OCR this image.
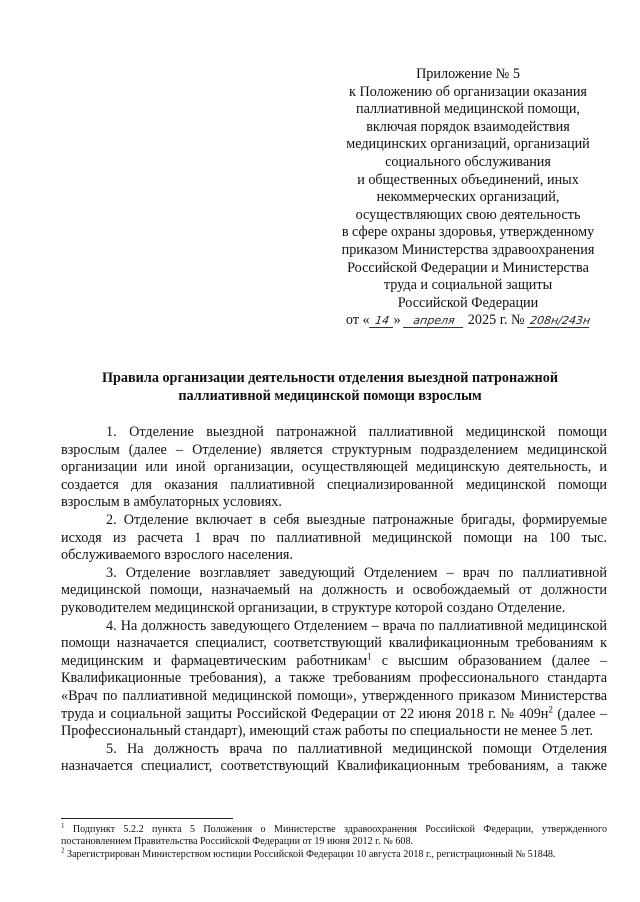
Приложение № 5
к Положению об организации оказания
паллиативной медицинской помощи,
включая порядок взаимодействия
медицинских организаций, организаций
социального обслуживания
и общественных объединений, иных
некоммерческих организаций,
осуществляющих свою деятельность
в сфере охраны здоровья, утвержденному
приказом Министерства здравоохранения
Российской Федерации и Министерства
труда и социальной защиты
Российской Федерации
от « 14 » апреля 2025 г. № 208н/243н
Правила организации деятельности отделения выездной патронажной
паллиативной медицинской помощи взрослым

1. Отделение выездной патронажной паллиативной медицинской помощи взрослым (далее – Отделение) является структурным подразделением медицинской организации или иной организации, осуществляющей медицинскую деятельность, и создается для оказания паллиативной специализированной медицинской помощи взрослым в амбулаторных условиях.

2. Отделение включает в себя выездные патронажные бригады, формируемые исходя из расчета 1 врач по паллиативной медицинской помощи на 100 тыс. обслуживаемого взрослого населения.

3. Отделение возглавляет заведующий Отделением – врач по паллиативной медицинской помощи, назначаемый на должность и освобождаемый от должности руководителем медицинской организации, в структуре которой создано Отделение.

4. На должность заведующего Отделением – врача по паллиативной медицинской помощи назначается специалист, соответствующий квалификационным требованиям к медицинским и фармацевтическим работникам$^1$ с высшим образованием (далее – Квалификационные требования), а также требованиям профессионального стандарта «Врач по паллиативной медицинской помощи», утвержденного приказом Министерства труда и социальной защиты Российской Федерации от 22 июня 2018 г. № $409н^2$ (далее – Профессиональный стандарт), имеющий стаж работы по специальности не менее 5 лет.

5. На должность врача по паллиативной медицинской помощи Отделения назначается специалист, соответствующий Квалификационным требованиям, а также

$^1$ Подпункт 5.2.2 пункта 5 Положения о Министерстве здравоохранения Российской Федерации, утвержденного постановлением Правительства Российской Федерации от 19 июня 2012 г. № 608.

$^2$ Зарегистрирован Министерством юстиции Российской Федерации 10 августа 2018 г., регистрационный № 51848.
